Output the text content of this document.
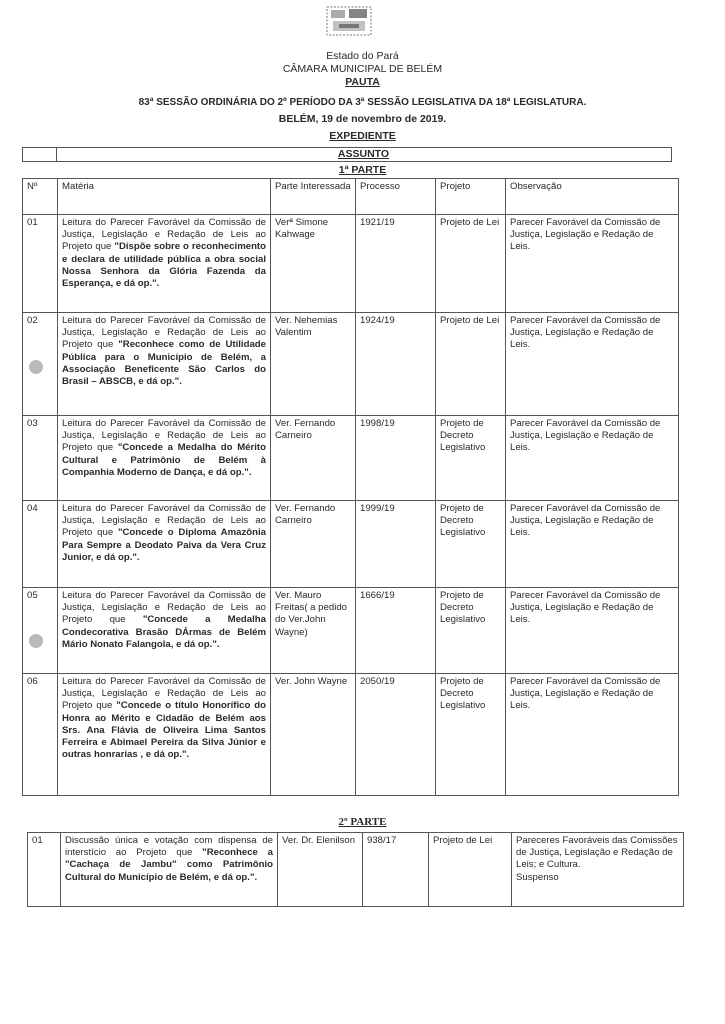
Estado do Pará
CÂMARA MUNICIPAL DE BELÉM
PAUTA
83ª SESSÃO ORDINÁRIA DO 2º PERÍODO DA 3ª SESSÃO LEGISLATIVA DA 18ª LEGISLATURA.
BELÉM, 19 de novembro de 2019.
EXPEDIENTE
ASSUNTO
1ª PARTE
Nº	Matéria	Parte Interessada	Processo	Projeto	Observação
01	Leitura do Parecer Favorável da Comissão de Justiça, Legislação e Redação de Leis ao Projeto que "Dispõe sobre o reconhecimento e declara de utilidade pública a obra social Nossa Senhora da Glória Fazenda da Esperança, e dá op.".	Verª Simone Kahwage	1921/19	Projeto de Lei	Parecer Favorável da Comissão de Justiça, Legislação e Redação de Leis.
02	Leitura do Parecer Favorável da Comissão de Justiça, Legislação e Redação de Leis ao Projeto que "Reconhece como de Utilidade Pública para o Município de Belém, a Associação Beneficente São Carlos do Brasil – ABSCB, e dá op.".	Ver. Nehemias Valentim	1924/19	Projeto de Lei	Parecer Favorável da Comissão de Justiça, Legislação e Redação de Leis.
03	Leitura do Parecer Favorável da Comissão de Justiça, Legislação e Redação de Leis ao Projeto que "Concede a Medalha do Mérito Cultural e Patrimônio de Belém à Companhia Moderno de Dança, e dá op.".	Ver. Fernando Carneiro	1998/19	Projeto de Decreto Legislativo	Parecer Favorável da Comissão de Justiça, Legislação e Redação de Leis.
04	Leitura do Parecer Favorável da Comissão de Justiça, Legislação e Redação de Leis ao Projeto que "Concede o Diploma Amazônia Para Sempre a Deodato Paiva da Vera Cruz Junior, e dá op.".	Ver. Fernando Carneiro	1999/19	Projeto de Decreto Legislativo	Parecer Favorável da Comissão de Justiça, Legislação e Redação de Leis.
05	Leitura do Parecer Favorável da Comissão de Justiça, Legislação e Redação de Leis ao Projeto que "Concede a Medalha Condecorativa Brasão DÁrmas de Belém Mário Nonato Falangola, e dá op.".	Ver. Mauro Freitas( a pedido do Ver.John Wayne)	1666/19	Projeto de Decreto Legislativo	Parecer Favorável da Comissão de Justiça, Legislação e Redação de Leis.
06	Leitura do Parecer Favorável da Comissão de Justiça, Legislação e Redação de Leis ao Projeto que "Concede o título Honorífico do Honra ao Mérito e Cidadão de Belém aos Srs. Ana Flávia de Oliveira Lima Santos Ferreira e Abimael Pereira da Silva Júnior e outras honrarias , e dá op.".	Ver. John Wayne	2050/19	Projeto de Decreto Legislativo	Parecer Favorável da Comissão de Justiça, Legislação e Redação de Leis.
2º PARTE
01	Discussão única e votação com dispensa de interstício ao Projeto que "Reconhece a "Cachaça de Jambu" como Patrimônio Cultural do Município de Belém, e dá op.".	Ver. Dr. Elenilson	938/17	Projeto de Lei	Pareceres Favoráveis das Comissões de Justiça, Legislação e Redação de Leis; e Cultura.
Suspenso
